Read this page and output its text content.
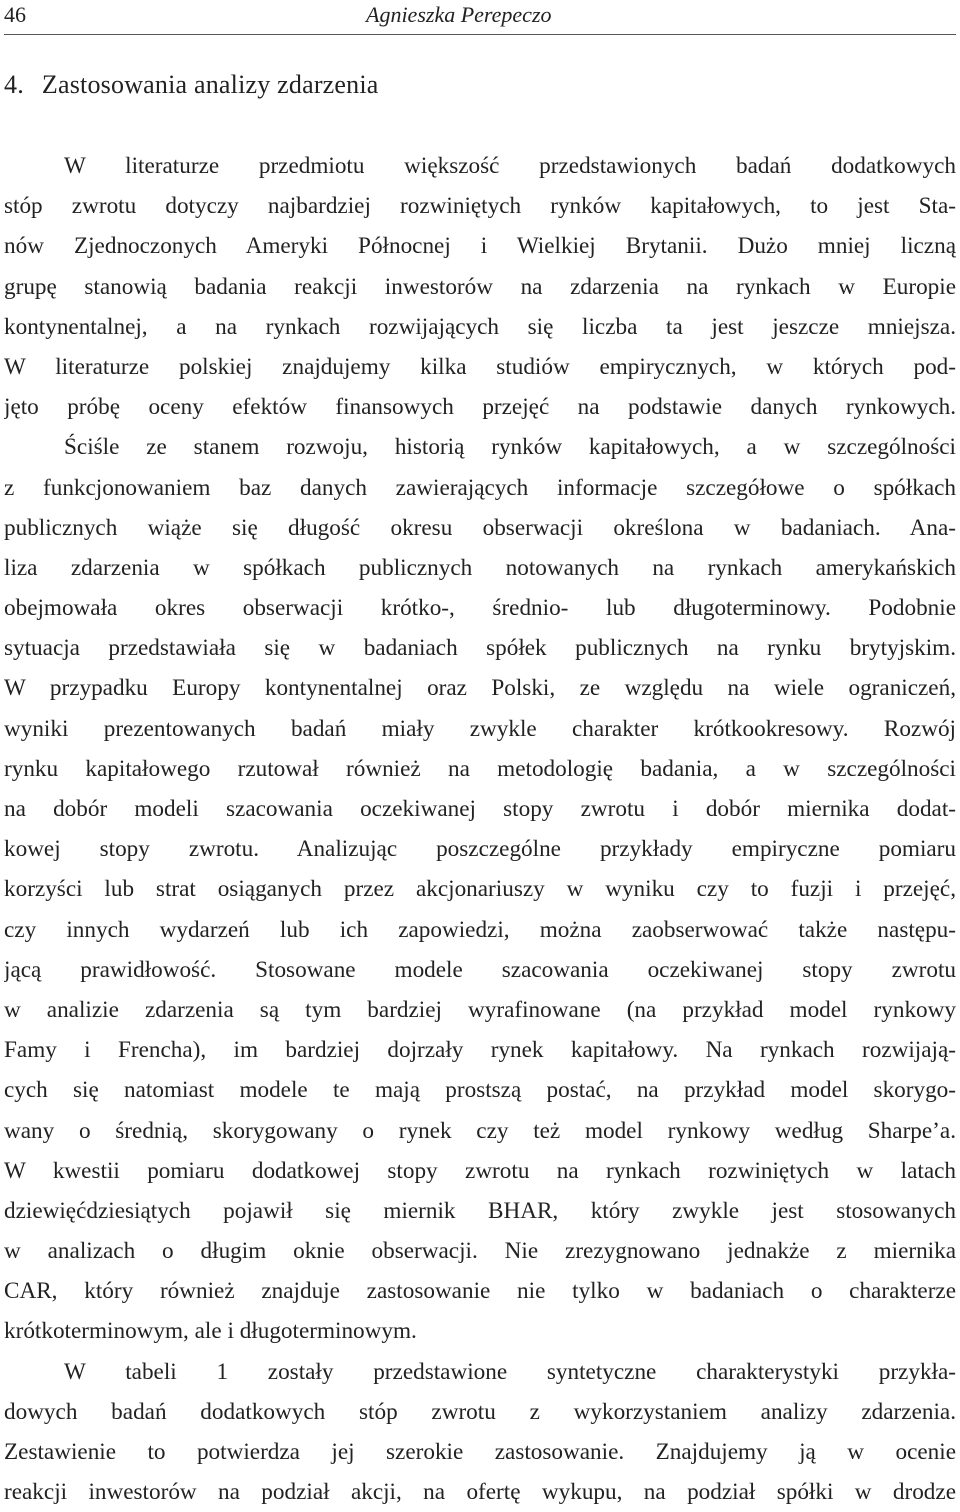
46	Agnieszka Perepeczo
4. Zastosowania analizy zdarzenia
W literaturze przedmiotu większość przedstawionych badań dodatkowych
stóp zwrotu dotyczy najbardziej rozwiniętych rynków kapitałowych, to jest Sta-
nów Zjednoczonych Ameryki Północnej i Wielkiej Brytanii. Dużo mniej liczną
grupę stanowią badania reakcji inwestorów na zdarzenia na rynkach w Europie
kontynentalnej, a na rynkach rozwijających się liczba ta jest jeszcze mniejsza.
W literaturze polskiej znajdujemy kilka studiów empirycznych, w których pod-
jęto próbę oceny efektów finansowych przejęć na podstawie danych rynkowych.
Ściśle ze stanem rozwoju, historią rynków kapitałowych, a w szczególności
z funkcjonowaniem baz danych zawierających informacje szczegółowe o spółkach
publicznych wiąże się długość okresu obserwacji określona w badaniach. Ana-
liza zdarzenia w spółkach publicznych notowanych na rynkach amerykańskich
obejmowała okres obserwacji krótko-, średnio- lub długoterminowy. Podobnie
sytuacja przedstawiała się w badaniach spółek publicznych na rynku brytyjskim.
W przypadku Europy kontynentalnej oraz Polski, ze względu na wiele ograniczeń,
wyniki prezentowanych badań miały zwykle charakter krótkookresowy. Rozwój
rynku kapitałowego rzutował również na metodologię badania, a w szczególności
na dobór modeli szacowania oczekiwanej stopy zwrotu i dobór miernika dodat-
kowej stopy zwrotu. Analizując poszczególne przykłady empiryczne pomiaru
korzyści lub strat osiąganych przez akcjonariuszy w wyniku czy to fuzji i przejęć,
czy innych wydarzeń lub ich zapowiedzi, można zaobserwować także następu-
jącą prawidłowość. Stosowane modele szacowania oczekiwanej stopy zwrotu
w analizie zdarzenia są tym bardziej wyrafinowane (na przykład model rynkowy
Famy i Frencha), im bardziej dojrzały rynek kapitałowy. Na rynkach rozwijają-
cych się natomiast modele te mają prostszą postać, na przykład model skorygo-
wany o średnią, skorygowany o rynek czy też model rynkowy według Sharpe’a.
W kwestii pomiaru dodatkowej stopy zwrotu na rynkach rozwiniętych w latach
dziewięćdziesiątych pojawił się miernik BHAR, który zwykle jest stosowanych
w analizach o długim oknie obserwacji. Nie zrezygnowano jednakże z miernika
CAR, który również znajduje zastosowanie nie tylko w badaniach o charakterze
krótkoterminowym, ale i długoterminowym.
W tabeli 1 zostały przedstawione syntetyczne charakterystyki przykła-
dowych badań dodatkowych stóp zwrotu z wykorzystaniem analizy zdarzenia.
Zestawienie to potwierdza jej szerokie zastosowanie. Znajdujemy ją w ocenie
reakcji inwestorów na podział akcji, na ofertę wykupu, na podział spółki w drodze
